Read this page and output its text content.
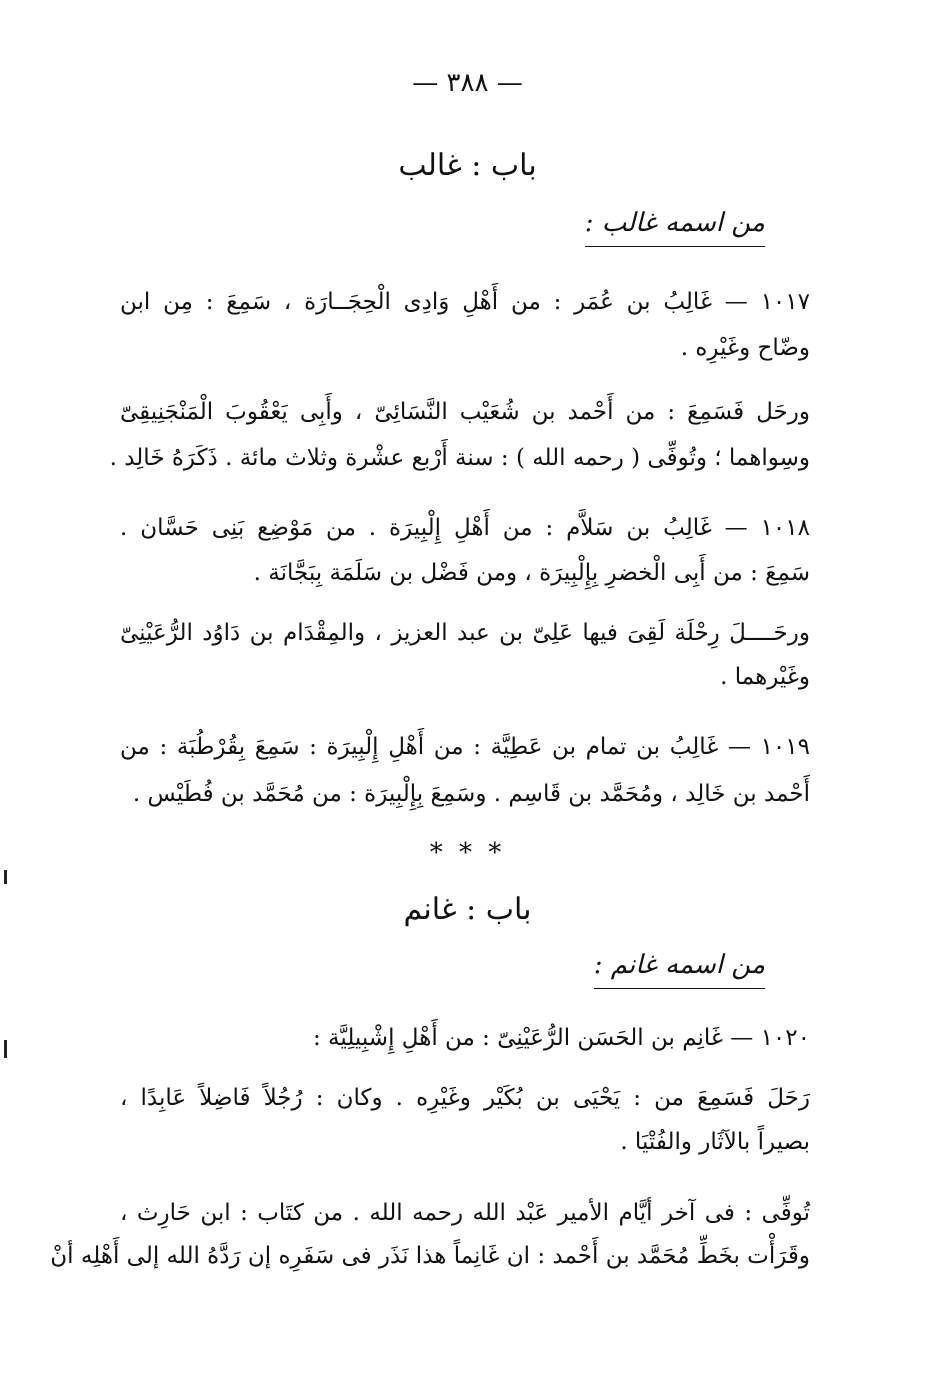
— ٣٨٨ —
باب : غالب
من اسمه غالب :
١٠١٧ — غَالِبُ بن عُمَر : من أَهْلِ وَادِى الْحِجَــارَة ، سَمِعَ : مِن ابن
وضّاح وغَيْرِه .
ورحَل فَسَمِعَ : من أَحْمد بن شُعَيْب النَّسَائِىّ ، وأَبِى يَعْقُوبَ الْمَنْجَنِيقِىّ
وسِواهما ؛ وتُوفِّى ( رحمه الله ) : سنة أَرْبع عشْرة وثلاث مائة . ذَكَرَهُ خَالِد .
١٠١٨ — غَالِبُ بن سَلاَّم : من أَهْلِ إِلْبِيرَة . من مَوْضِع بَنِى حَسَّان .
سَمِعَ : من أَبِى الْخضرِ بِإِلْبِيرَة ، ومن فَضْل بن سَلَمَة بِبَجَّانَة .
ورحَــــلَ رِحْلَة لَقِىَ فيها عَلِىّ بن عبد العزيز ، والمِقْدَام بن دَاوُد الرُّعَيْنِىّ
وغَيْرهما .
١٠١٩ — غَالِبُ بن تمام بن عَطِيَّة : من أَهْلِ إِلْبِيرَة : سَمِعَ بِقُرْطُبَة : من
أَحْمد بن خَالِد ، ومُحَمَّد بن قَاسِم . وسَمِعَ بِإِلْبِيرَة : من مُحَمَّد بن فُطَيْس .
* * *
باب : غانم
من اسمه غانم :
١٠٢٠ — غَانِم بن الحَسَن الرُّعَيْنِىّ : من أَهْلِ إِشْبِيلِيَّة :
رَحَلَ فَسَمِعَ من : يَحْيَى بن بُكَيْر وغَيْرِه . وكان : رُجُلاً فَاضِلاً عَابِدًا ،
بصيراً بالآثَار والفُتْيَا .
تُوفِّى : فى آخر أيَّام الأمير عَبْد الله رحمه الله . من كتَاب : ابن حَارِث ،
وقَرَأْت بخَطِّ مُحَمَّد بن أَحْمد : ان غَانِماً هذا نَذَر فى سَفَرِه إن رَدَّهُ الله إلى أَهْلِه أنْ
